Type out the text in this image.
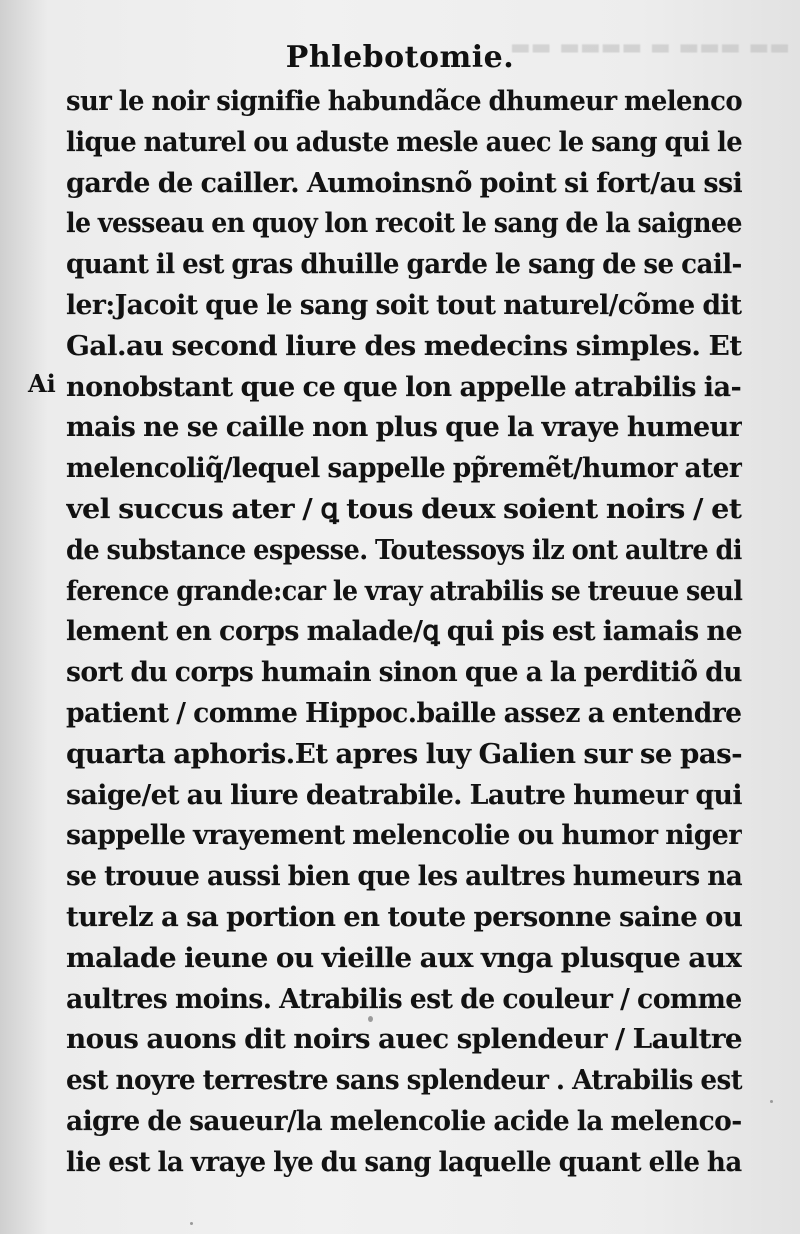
▬▬ ▬▬▬ ▬ ▬▬▬▬ ▬▬
Phlebotomie.
Ai
sur le noir signifie habundãce dhumeur melenco
lique naturel ou aduste mesle auec le sang qui le
garde de cailler. Aumoinsnõ point si fort/au ssi
le vesseau en quoy lon recoit le sang de la saignee
quant il est gras dhuille garde le sang de se cail-
ler:Jacoit que le sang soit tout naturel/cõme dit
Gal.au second liure des medecins simples. Et
nonobstant que ce que lon appelle atrabilis ia-
mais ne se caille non plus que la vraye humeur
melencoliq̃/lequel sappelle pp̃remẽt/humor ater
vel succus ater / ꝗ tous deux soient noirs / et
de substance espesse. Toutessoys ilz ont aultre di
ference grande:car le vray atrabilis se treuue seul
lement en corps malade/ꝗ qui pis est iamais ne
sort du corps humain sinon que a la perditiõ du
patient / comme Hippoc.baille assez a entendre
quarta aphoris.Et apres luy Galien sur se pas-
saige/et au liure deatrabile. Lautre humeur qui
sappelle vrayement melencolie ou humor niger
se trouue aussi bien que les aultres humeurs na
turelz a sa portion en toute personne saine ou
malade ieune ou vieille aux vnga plusque aux
aultres moins. Atrabilis est de couleur / comme
nous auons dit noirs auec splendeur / Laultre
est noyre terrestre sans splendeur . Atrabilis est
aigre de saueur/la melencolie acide la melenco-
lie est la vraye lye du sang laquelle quant elle ha
